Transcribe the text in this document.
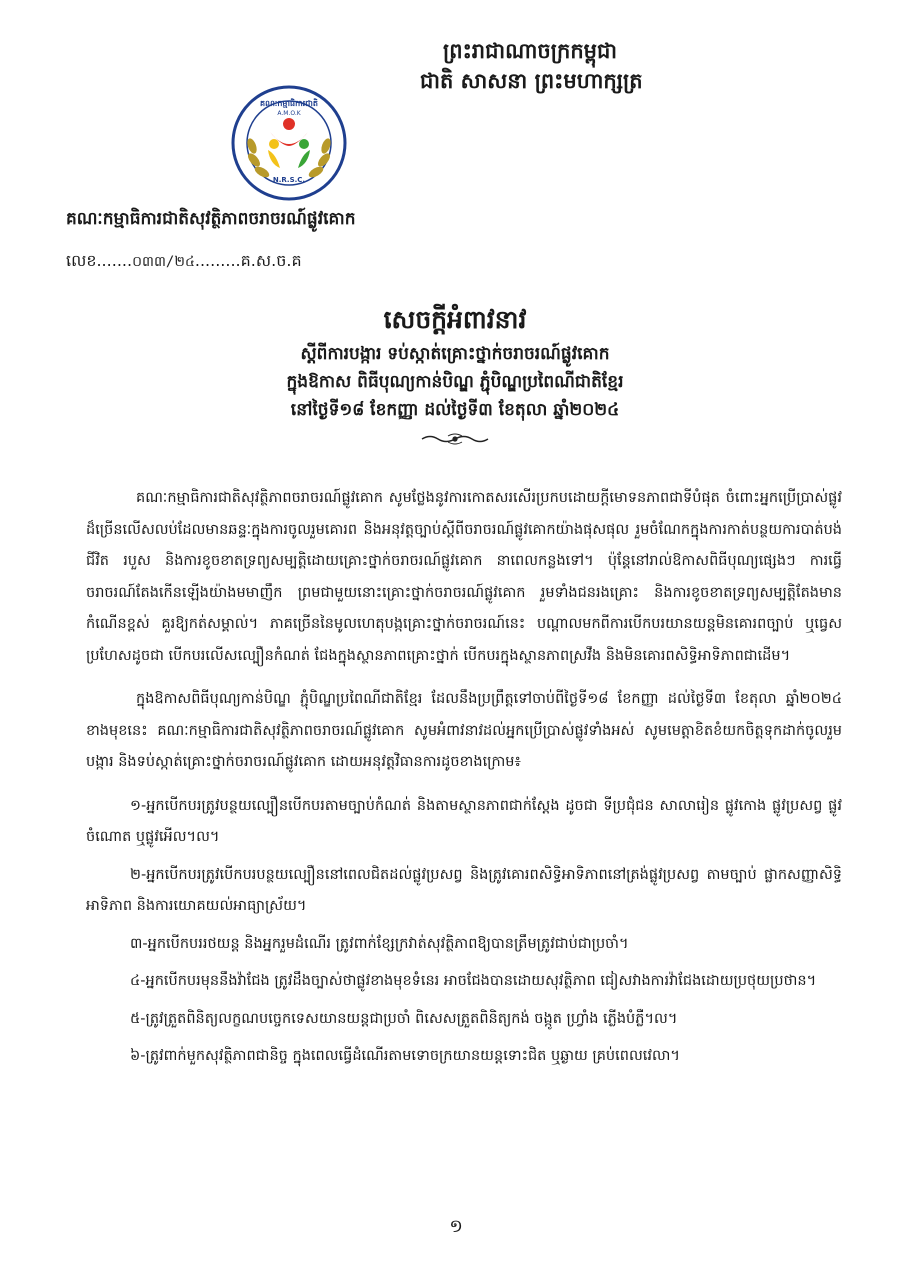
ព្រះរាជាណាចក្រកម្ពុជា
ជាតិ សាសនា ព្រះមហាក្សត្រ
គណៈកម្មាធិការជាតិ
A.M.O.K
N.R.S.C.
គណៈកម្មាធិការជាតិសុវត្ថិភាពចរាចរណ៍ផ្លូវគោក
លេខ.......០៣៣/២៤.........គ.ស.ច.គ
សេចក្តីអំពាវនាវ
ស្តីពីការបង្ការ ទប់ស្កាត់គ្រោះថ្នាក់ចរាចរណ៍ផ្លូវគោក
ក្នុងឱកាស ពិធីបុណ្យកាន់បិណ្ឌ ភ្ជុំបិណ្ឌប្រពៃណីជាតិខ្មែរ
នៅថ្ងៃទី១៨ ខែកញ្ញា ដល់ថ្ងៃទី៣ ខែតុលា ឆ្នាំ២០២៤

គណៈកម្មាធិការជាតិសុវត្ថិភាពចរាចរណ៍ផ្លូវគោក សូមថ្លែងនូវការកោតសរសើរប្រកបដោយក្តីមោទនភាពជាទីបំផុត ចំពោះអ្នកប្រើប្រាស់ផ្លូវដ៏ច្រើនលើសលប់ដែលមានឆន្ទៈក្នុងការចូលរួមគោរព និងអនុវត្តច្បាប់ស្តីពីចរាចរណ៍ផ្លូវគោកយ៉ាងផុសផុល រួមចំណែកក្នុងការកាត់បន្ថយការបាត់បង់ជីវិត របួស និងការខូចខាតទ្រព្យសម្បត្តិដោយគ្រោះថ្នាក់ចរាចរណ៍ផ្លូវគោក នាពេលកន្លងទៅ។ ប៉ុន្តែនៅរាល់ឱកាសពិធីបុណ្យផ្សេងៗ ការធ្វើចរាចរណ៍តែងកើនឡើងយ៉ាងមមាញឹក ព្រមជាមួយនោះគ្រោះថ្នាក់ចរាចរណ៍ផ្លូវគោក រួមទាំងជនរងគ្រោះ និងការខូចខាតទ្រព្យសម្បត្តិតែងមានកំណើនខ្ពស់ គួរឱ្យកត់សម្គាល់។ ភាគច្រើននៃមូលហេតុបង្កគ្រោះថ្នាក់ចរាចរណ៍នេះ បណ្តាលមកពីការបើកបរយានយន្តមិនគោរពច្បាប់ ឬធ្វេសប្រហែសដូចជា បើកបរលើសល្បឿនកំណត់ ជែងក្នុងស្ថានភាពគ្រោះថ្នាក់ បើកបរក្នុងស្ថានភាពស្រវឹង និងមិនគោរពសិទ្ធិអាទិភាពជាដើម។

ក្នុងឱកាសពិធីបុណ្យកាន់បិណ្ឌ ភ្ជុំបិណ្ឌប្រពៃណីជាតិខ្មែរ ដែលនឹងប្រព្រឹត្តទៅចាប់ពីថ្ងៃទី១៨ ខែកញ្ញា ដល់ថ្ងៃទី៣ ខែតុលា ឆ្នាំ២០២៤ ខាងមុខនេះ គណៈកម្មាធិការជាតិសុវត្ថិភាពចរាចរណ៍ផ្លូវគោក សូមអំពាវនាវដល់អ្នកប្រើប្រាស់ផ្លូវទាំងអស់ សូមមេត្តាខិតខំយកចិត្តទុកដាក់ចូលរួមបង្ការ និងទប់ស្កាត់គ្រោះថ្នាក់ចរាចរណ៍ផ្លូវគោក ដោយអនុវត្តវិធានការដូចខាងក្រោម៖

១-អ្នកបើកបរត្រូវបន្ថយល្បឿនបើកបរតាមច្បាប់កំណត់ និងតាមស្ថានភាពជាក់ស្តែង ដូចជា ទីប្រជុំជន សាលារៀន ផ្លូវកោង ផ្លូវប្រសព្វ ផ្លូវចំណោត ឬផ្លូវអើល។ល។

២-អ្នកបើកបរត្រូវបើកបរបន្ថយល្បឿននៅពេលជិតដល់ផ្លូវប្រសព្វ និងត្រូវគោរពសិទ្ធិអាទិភាពនៅត្រង់ផ្លូវប្រសព្វ តាមច្បាប់ ផ្លាកសញ្ញាសិទ្ធិអាទិភាព និងការយោគយល់អាធ្យាស្រ័យ។

៣-អ្នកបើកបររថយន្ត និងអ្នករួមដំណើរ ត្រូវពាក់ខ្សែក្រវាត់សុវត្ថិភាពឱ្យបានត្រឹមត្រូវជាប់ជាប្រចាំ។

៤-អ្នកបើកបរមុននឹងវ៉ាជែង ត្រូវដឹងច្បាស់ថាផ្លូវខាងមុខទំនេរ អាចជែងបានដោយសុវត្ថិភាព ជៀសវាងការវ៉ាជែងដោយប្រថុយប្រថាន។

៥-ត្រូវត្រួតពិនិត្យលក្ខណបច្ចេកទេសយានយន្តជាប្រចាំ ពិសេសត្រួតពិនិត្យកង់ ចង្កូត ហ្វ្រាំង ភ្លើងបំភ្លឺ។ល។

៦-ត្រូវពាក់មួកសុវត្ថិភាពជានិច្ច ក្នុងពេលធ្វើដំណើរតាមទោចក្រយានយន្តទោះជិត ឬឆ្ងាយ គ្រប់ពេលវេលា។

១
